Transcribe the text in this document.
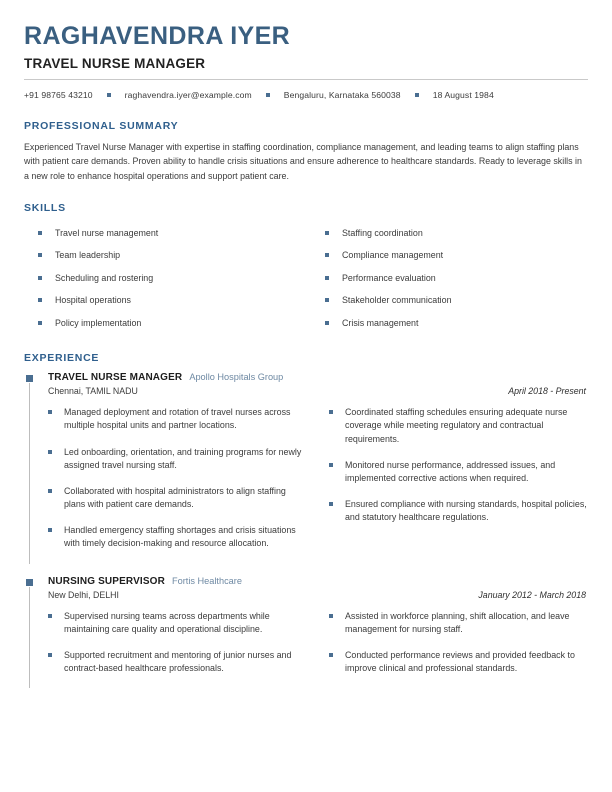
RAGHAVENDRA IYER
TRAVEL NURSE MANAGER
+91 98765 43210	raghavendra.iyer@example.com	Bengaluru, Karnataka 560038	18 August 1984
PROFESSIONAL SUMMARY
Experienced Travel Nurse Manager with expertise in staffing coordination, compliance management, and leading teams to align staffing plans with patient care demands. Proven ability to handle crisis situations and ensure adherence to healthcare standards. Ready to leverage skills in a new role to enhance hospital operations and support patient care.
SKILLS
Travel nurse management	Staffing coordination
Team leadership	Compliance management
Scheduling and rostering	Performance evaluation
Hospital operations	Stakeholder communication
Policy implementation	Crisis management
EXPERIENCE
TRAVEL NURSE MANAGER Apollo Hospitals Group
Chennai, TAMIL NADU	April 2018 - Present
Managed deployment and rotation of travel nurses across multiple hospital units and partner locations.
Led onboarding, orientation, and training programs for newly assigned travel nursing staff.
Collaborated with hospital administrators to align staffing plans with patient care demands.
Handled emergency staffing shortages and crisis situations with timely decision-making and resource allocation.
Coordinated staffing schedules ensuring adequate nurse coverage while meeting regulatory and contractual requirements.
Monitored nurse performance, addressed issues, and implemented corrective actions when required.
Ensured compliance with nursing standards, hospital policies, and statutory healthcare regulations.
NURSING SUPERVISOR Fortis Healthcare
New Delhi, DELHI	January 2012 - March 2018
Supervised nursing teams across departments while maintaining care quality and operational discipline.
Supported recruitment and mentoring of junior nurses and contract-based healthcare professionals.
Assisted in workforce planning, shift allocation, and leave management for nursing staff.
Conducted performance reviews and provided feedback to improve clinical and professional standards.
